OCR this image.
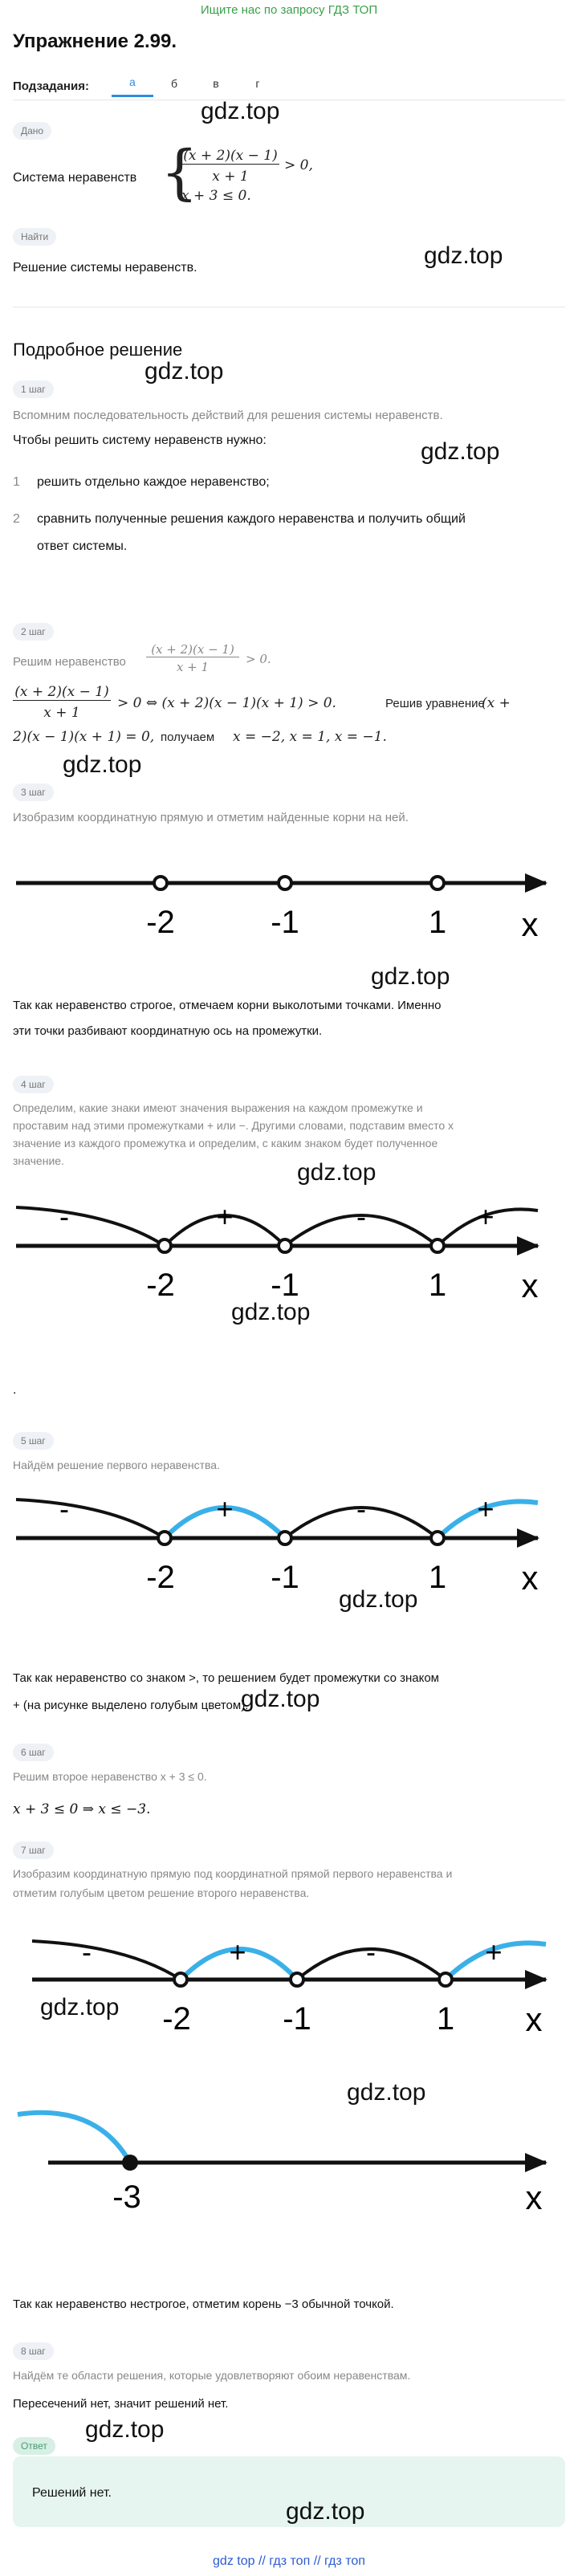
Ищите нас по запросу ГДЗ ТОП
Упражнение 2.99.
Подзадания:	а	б	в	г
Дано
Система неравенств {
(x + 2)(x − 1)
x + 1
> 0,
x + 3 ≤ 0.
Найти
Решение системы неравенств.
Подробное решение
1 шаг
Вспомним последовательность действий для решения системы неравенств.
Чтобы решить систему неравенств нужно:
1 решить отдельно каждое неравенство;
2 сравнить полученные решения каждого неравенства и получить общий
ответ системы.
2 шаг
Решим неравенство
(x + 2)(x − 1)
x + 1
> 0.
(x + 2)(x − 1)
x + 1
> 0 ⇔ (x + 2)(x − 1)(x + 1) > 0.	Решив уравнение
(x +
2)(x − 1)(x + 1) = 0, получаем x = −2, x = 1, x = −1.
3 шаг
Изобразим координатную прямую и отметим найденные корни на ней.
-2	-1	1 x
Так как неравенство строгое, отмечаем корни выколотыми точками. Именно
эти точки разбивают координатную ось на промежутки.
4 шаг
Определим, какие знаки имеют значения выражения на каждом промежутке и
проставим над этими промежутками + или −. Другими словами, подставим вместо x
значение из каждого промежутка и определим, с каким знаком будет полученное
значение.
-	+	-	+
-2	-1	1 x
.
5 шаг
Найдём решение первого неравенства.
-	+	-	+
-2	-1	1 x
Так как неравенство со знаком >, то решением будет промежутки со знаком
+ (на рисунке выделено голубым цветом).
6 шаг
Решим второе неравенство x + 3 ≤ 0.
x + 3 ≤ 0 ⇒ x ≤ −3.
7 шаг
Изобразим координатную прямую под координатной прямой первого неравенства и
отметим голубым цветом решение второго неравенства.
-	+	-	+
-2	-1	1 x
-3	x
Так как неравенство нестрогое, отметим корень −3 обычной точкой.
8 шаг
Найдём те области решения, которые удовлетворяют обоим неравенствам.
Пересечений нет, значит решений нет.
Ответ
Решений нет.
gdz top // гдз топ // гдз топ
gdz.top
gdz.top
gdz.top
gdz.top
gdz.top
gdz.top
gdz.top
gdz.top
gdz.top
gdz.top
gdz.top
gdz.top
gdz.top
gdz.top
